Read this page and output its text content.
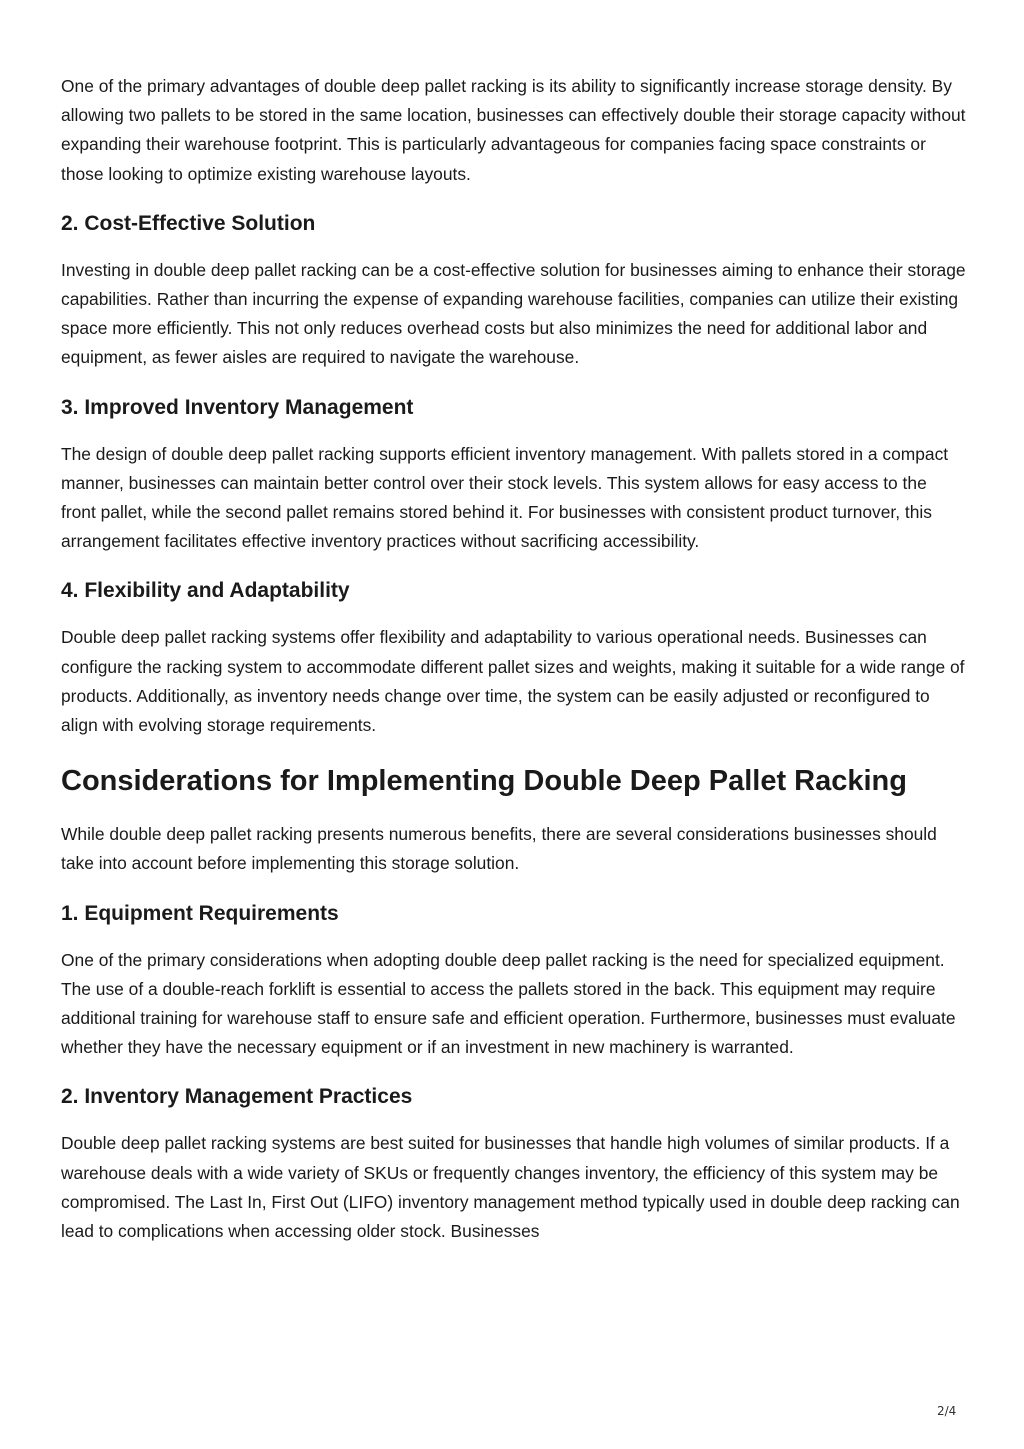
One of the primary advantages of double deep pallet racking is its ability to significantly increase storage density. By allowing two pallets to be stored in the same location, businesses can effectively double their storage capacity without expanding their warehouse footprint. This is particularly advantageous for companies facing space constraints or those looking to optimize existing warehouse layouts.

2. Cost-Effective Solution

Investing in double deep pallet racking can be a cost-effective solution for businesses aiming to enhance their storage capabilities. Rather than incurring the expense of expanding warehouse facilities, companies can utilize their existing space more efficiently. This not only reduces overhead costs but also minimizes the need for additional labor and equipment, as fewer aisles are required to navigate the warehouse.

3. Improved Inventory Management

The design of double deep pallet racking supports efficient inventory management. With pallets stored in a compact manner, businesses can maintain better control over their stock levels. This system allows for easy access to the front pallet, while the second pallet remains stored behind it. For businesses with consistent product turnover, this arrangement facilitates effective inventory practices without sacrificing accessibility.

4. Flexibility and Adaptability

Double deep pallet racking systems offer flexibility and adaptability to various operational needs. Businesses can configure the racking system to accommodate different pallet sizes and weights, making it suitable for a wide range of products. Additionally, as inventory needs change over time, the system can be easily adjusted or reconfigured to align with evolving storage requirements.

Considerations for Implementing Double Deep Pallet Racking

While double deep pallet racking presents numerous benefits, there are several considerations businesses should take into account before implementing this storage solution.

1. Equipment Requirements

One of the primary considerations when adopting double deep pallet racking is the need for specialized equipment. The use of a double-reach forklift is essential to access the pallets stored in the back. This equipment may require additional training for warehouse staff to ensure safe and efficient operation. Furthermore, businesses must evaluate whether they have the necessary equipment or if an investment in new machinery is warranted.

2. Inventory Management Practices

Double deep pallet racking systems are best suited for businesses that handle high volumes of similar products. If a warehouse deals with a wide variety of SKUs or frequently changes inventory, the efficiency of this system may be compromised. The Last In, First Out (LIFO) inventory management method typically used in double deep racking can lead to complications when accessing older stock. Businesses

2/4
